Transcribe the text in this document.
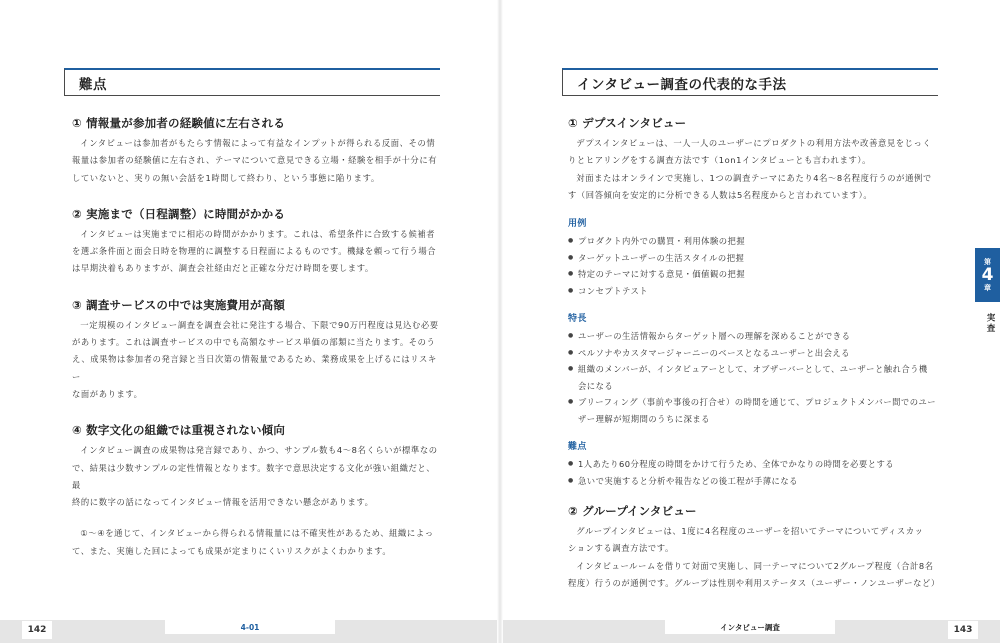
難点
① 情報量が参加者の経験値に左右される
インタビューは参加者がもたらす情報によって有益なインプットが得られる反面、その情
報量は参加者の経験値に左右され、テーマについて意見できる立場・経験を相手が十分に有
していないと、実りの無い会話を1時間して終わり、という事態に陥ります。
② 実施まで（日程調整）に時間がかかる
インタビューは実施までに相応の時間がかかります。これは、希望条件に合致する候補者
を選ぶ条件面と面会日時を物理的に調整する日程面によるものです。機縁を頼って行う場合
は早期決着もありますが、調査会社経由だと正確な分だけ時間を要します。
③ 調査サービスの中では実施費用が高額
一定規模のインタビュー調査を調査会社に発注する場合、下限で90万円程度は見込む必要
があります。これは調査サービスの中でも高額なサービス単価の部類に当たります。そのう
え、成果物は参加者の発言録と当日次第の情報量であるため、業務成果を上げるにはリスキー
な面があります。
④ 数字文化の組織では重視されない傾向
インタビュー調査の成果物は発言録であり、かつ、サンプル数も4～8名くらいが標準なの
で、結果は少数サンプルの定性情報となります。数字で意思決定する文化が強い組織だと、最
終的に数字の話になってインタビュー情報を活用できない懸念があります。
①～④を通じて、インタビューから得られる情報量には不確実性があるため、組織によっ
て、また、実施した回によっても成果が定まりにくいリスクがよくわかります。
インタビュー調査の代表的な手法
① デプスインタビュー
デプスインタビューは、一人一人のユーザーにプロダクトの利用方法や改善意見をじっく
りとヒアリングをする調査方法です（1on1インタビューとも言われます）。
対面またはオンラインで実施し、1つの調査テーマにあたり4名～8名程度行うのが通例で
す（回答傾向を安定的に分析できる人数は5名程度からと言われています）。
用例
● プロダクト内外での購買・利用体験の把握
● ターゲットユーザーの生活スタイルの把握
● 特定のテーマに対する意見・価値観の把握
● コンセプトテスト
特長
● ユーザーの生活情報からターゲット層への理解を深めることができる
● ペルソナやカスタマージャーニーのベースとなるユーザーと出会える
● 組織のメンバーが、インタビュアーとして、オブザーバーとして、ユーザーと触れ合う機
会になる
● ブリーフィング（事前や事後の打合せ）の時間を通じて、プロジェクトメンバー間でのユー
ザー理解が短期間のうちに深まる
難点
● 1人あたり60分程度の時間をかけて行うため、全体でかなりの時間を必要とする
● 急いで実施すると分析や報告などの後工程が手薄になる
② グループインタビュー
グループインタビューは、1度に4名程度のユーザーを招いてテーマについてディスカッ
ションする調査方法です。
インタビュールームを借りて対面で実施し、同一テーマについて2グループ程度（合計8名
程度）行うのが通例です。グループは性別や利用ステータス（ユーザー・ノンユーザーなど）
第
4
章
実査
142	4-01	インタビュー調査	143
